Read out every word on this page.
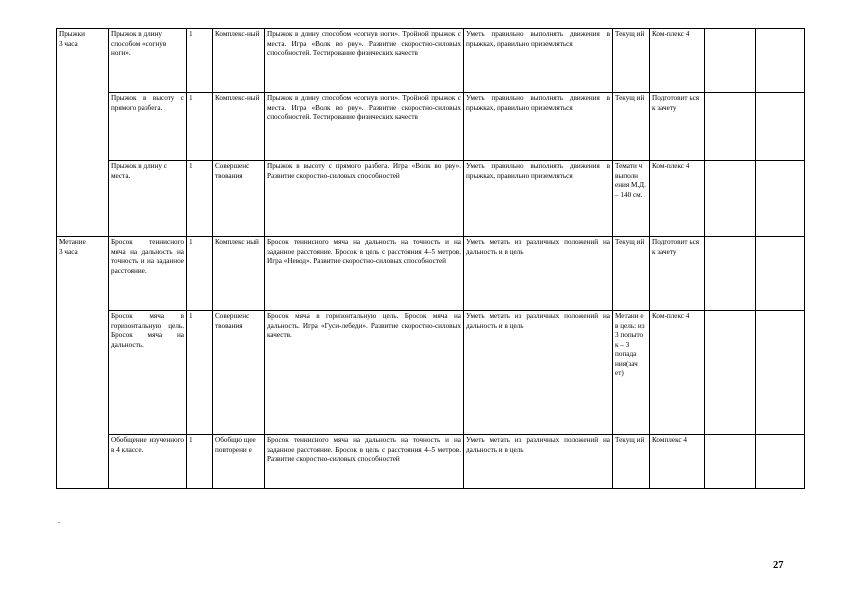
Прыжки
3 часа	Прыжок в длину способом «согнув ноги».	1	Комплекс-ный	Прыжок в длину способом «согнув ноги». Тройной прыжок с места. Игра «Волк во рву». Развитие скоростно-силовых способностей. Тестирование физических качеств	Уметь правильно выполнять движения в прыжках, правильно приземляться	Текущ ий	Ком-плекс 4		
	Прыжок в высоту с прямого разбега.	1	Комплекс-ный	Прыжок в длину способом «согнув ноги». Тройной прыжок с места. Игра «Волк во рву». Развитие скоростно-силовых способностей. Тестирование физических качеств	Уметь правильно выполнять движения в прыжках, правильно приземляться	Текущ ий	Подготовит ься к зачету		
	Прыжок в длину с места.	1	Совершенс твования	Прыжок в высоту с прямого разбега. Игра «Волк во рву». Развитие скоростно-силовых способностей	Уметь правильно выполнять движения в прыжках, правильно приземляться	Темати ч выполн ения М.Д. – 140 см.	Ком-плекс 4		
Метание
3 часа	Бросок теннисного мяча на дальность на точность и на заданное расстояние.	1	Комплекс ный	Бросок теннисного мяча на дальность на точность и на заданное расстояние. Бросок в цель с расстояния 4–5 метров. Игра «Невод». Развитие скоростно-силовых способностей	Уметь метать из различных положений на дальность и в цель	Текущ ий	Подготовит ься к зачету		
	Бросок мяча в горизонтальную цель. Бросок мяча на дальность.	1	Совершенс твования	Бросок мяча в горизонтальную цель. Бросок мяча на дальность. Игра «Гуси-лебеди». Развитие скоростно-силовых качеств.	Уметь метать из различных положений на дальность и в цель	Метани е в цель: из 3 попыто к – 3 попада ния(зач ет)	Ком-плекс 4		
	Обобщение изученного в 4 классе.	1	Обобщю щее повторени е	Бросок теннисного мяча на дальность на точность и на заданное расстояние. Бросок в цель с расстояния 4–5 метров. Развитие скоростно-силовых способностей	Уметь метать из различных положений на дальность и в цель	Текущ ий	Комплекс 4		
.
27
